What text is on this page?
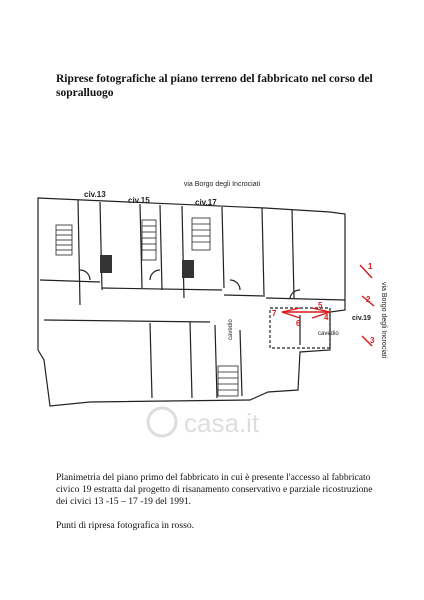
Riprese fotografiche al piano terreno del fabbricato nel corso del sopralluogo
via Borgo degli Incrociati
via Borgo degli Incrociati
civ.13
civ.15	civ.17
civ.19
cavedio	cavedio
casa.it
1
2
3
4
5
6
7

Planimetria del piano primo del fabbricato in cui è presente l'accesso al fabbricato civico 19 estratta dal progetto di risanamento conservativo e parziale ricostruzione dei civici 13 -15 – 17 -19 del 1991.

Punti di ripresa fotografica in rosso.
